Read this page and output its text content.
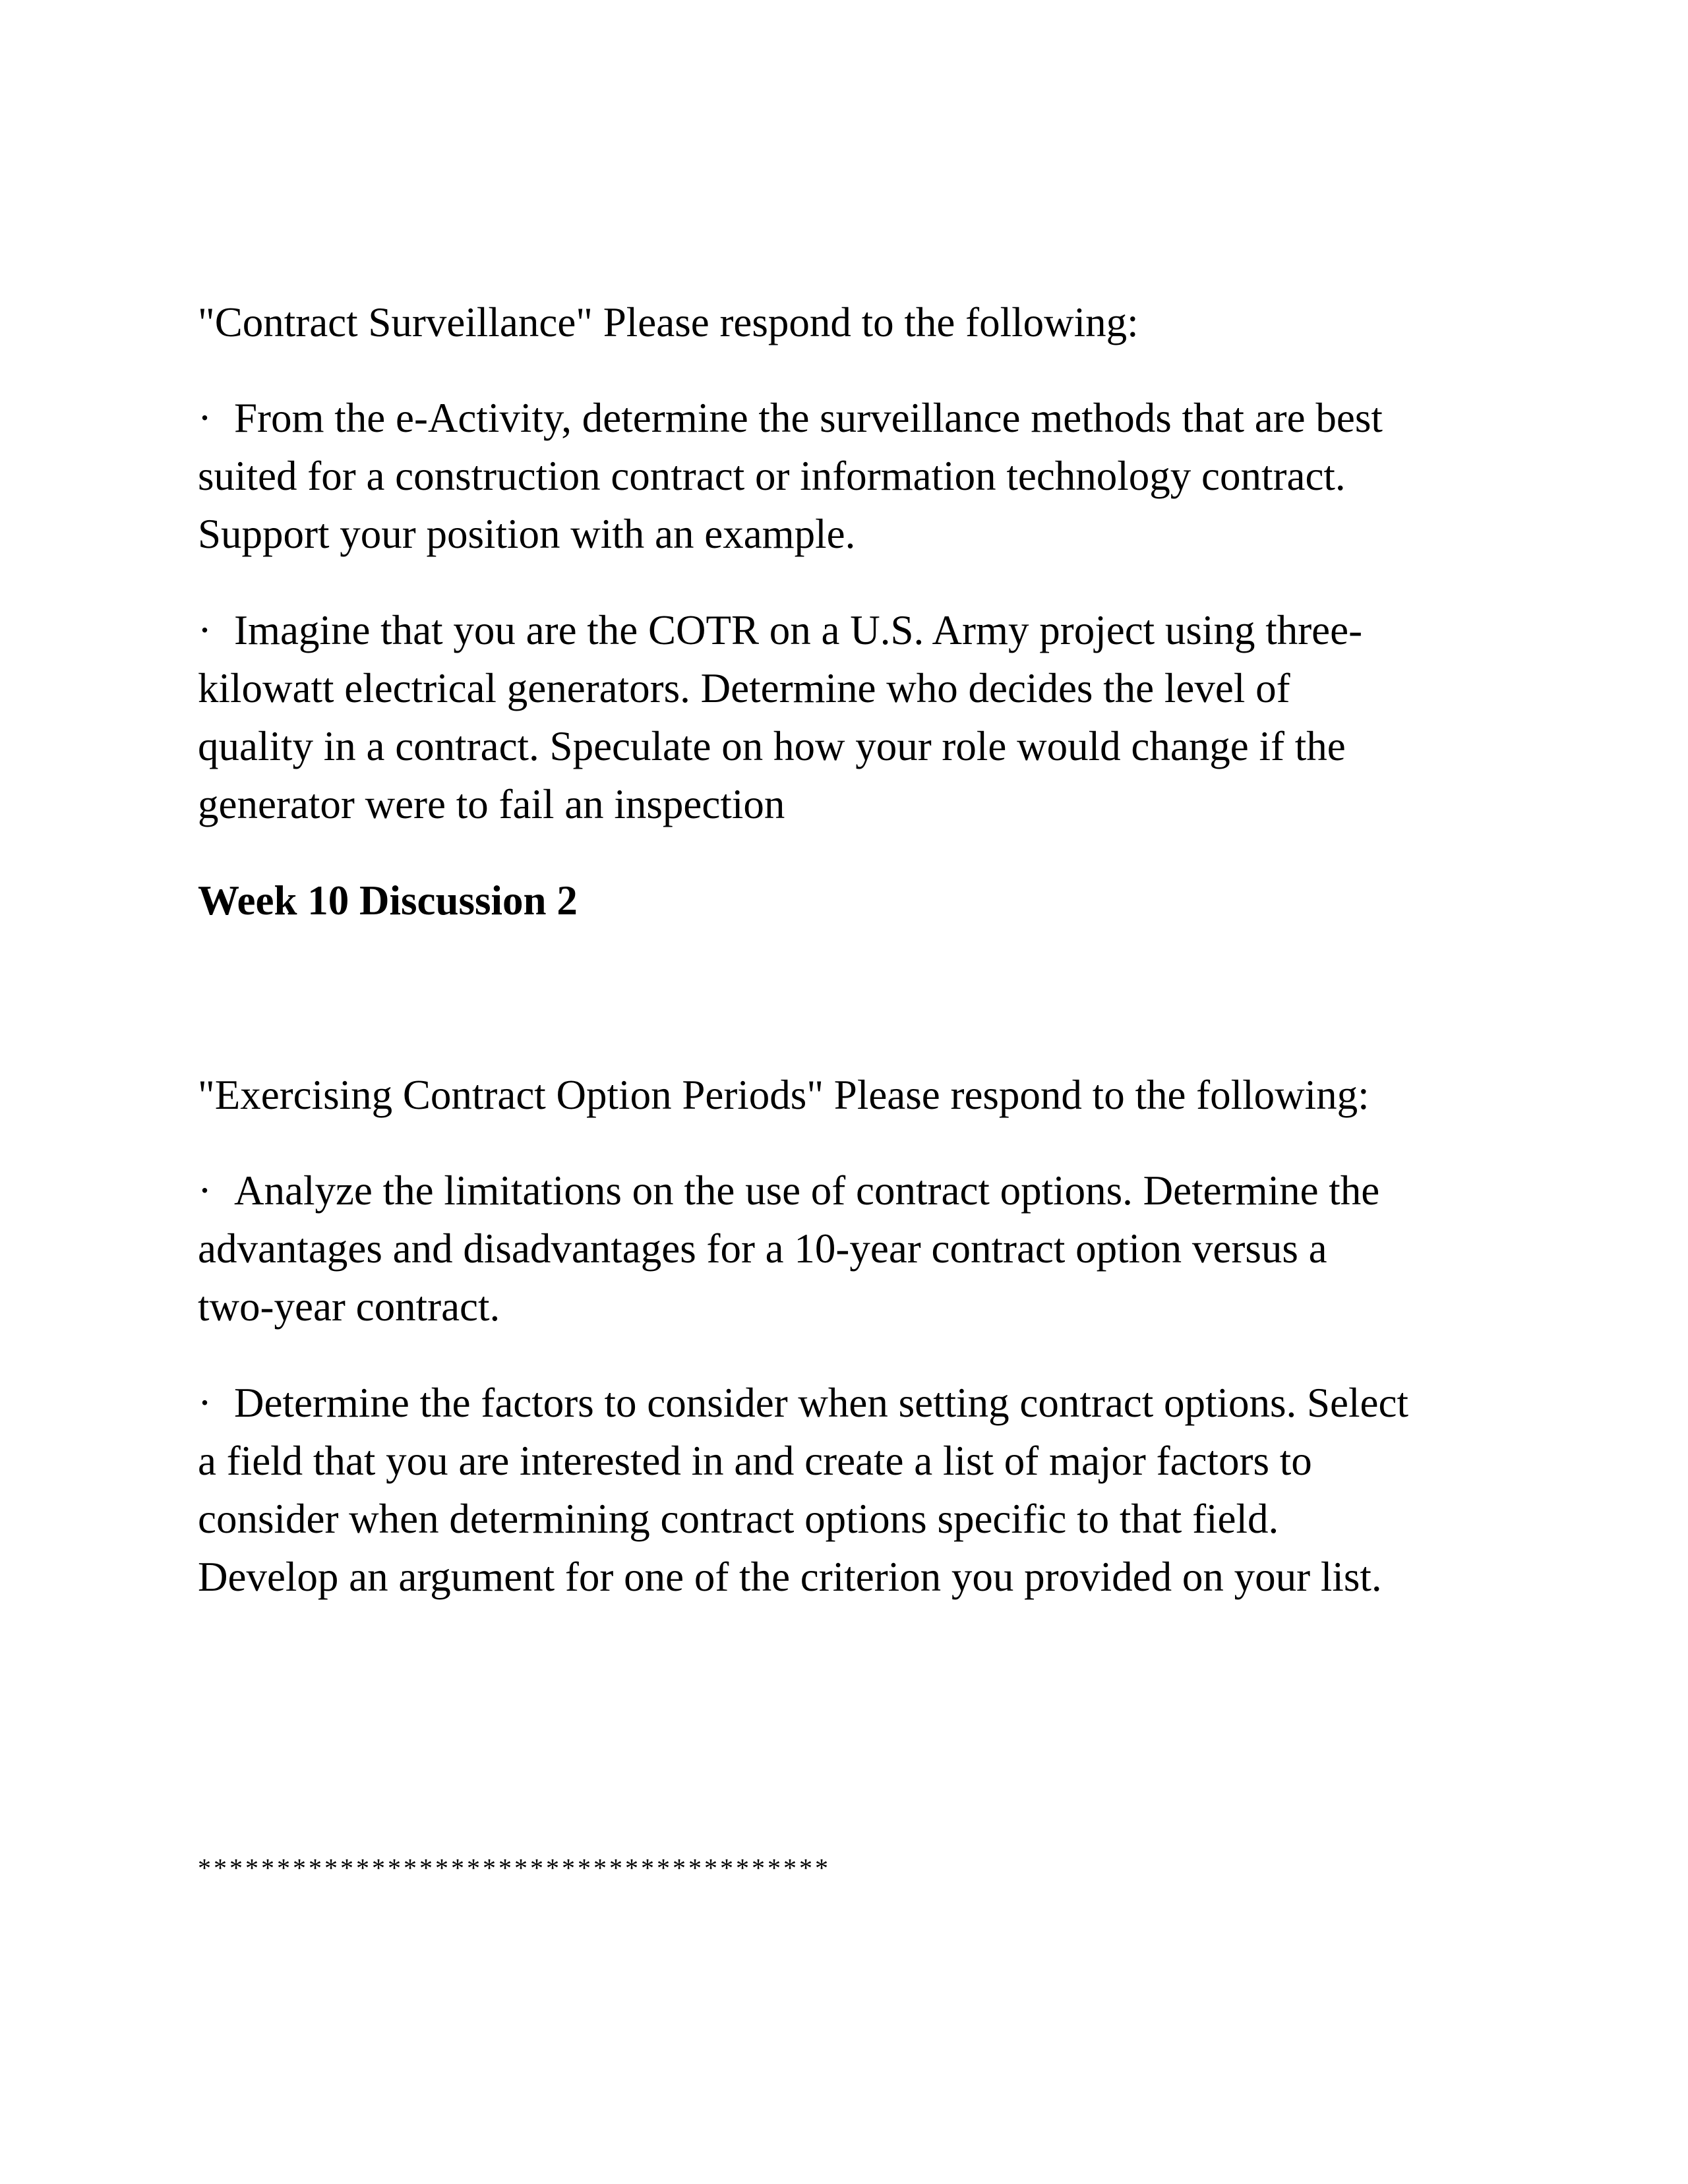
"Contract Surveillance" Please respond to the following:

· From the e-Activity, determine the surveillance methods that are best
suited for a construction contract or information technology contract.
Support your position with an example.
· Imagine that you are the COTR on a U.S. Army project using three-
kilowatt electrical generators. Determine who decides the level of
quality in a contract. Speculate on how your role would change if the
generator were to fail an inspection

Week 10 Discussion 2

"Exercising Contract Option Periods" Please respond to the following:

· Analyze the limitations on the use of contract options. Determine the
advantages and disadvantages for a 10-year contract option versus a
two-year contract.
· Determine the factors to consider when setting contract options. Select
a field that you are interested in and create a list of major factors to
consider when determining contract options specific to that field.
Develop an argument for one of the criterion you provided on your list.

****************************************
